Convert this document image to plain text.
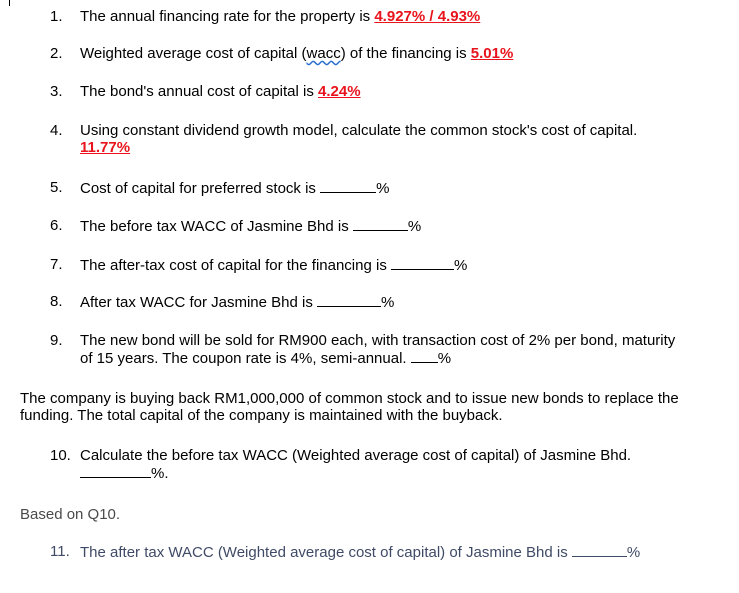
1. The annual financing rate for the property is 4.927% / 4.93%
2. Weighted average cost of capital (wacc) of the financing is 5.01%
3. The bond's annual cost of capital is 4.24%
4. Using constant dividend growth model, calculate the common stock's cost of capital.
11.77%
5. Cost of capital for preferred stock is	%
6. The before tax WACC of Jasmine Bhd is	%
7. The after-tax cost of capital for the financing is	%
8. After tax WACC for Jasmine Bhd is	%
9. The new bond will be sold for RM900 each, with transaction cost of 2% per bond, maturity of 15 years. The coupon rate is 4%, semi-annual. %
The company is buying back RM1,000,000 of common stock and to issue new bonds to replace the funding. The total capital of the company is maintained with the buyback.
10. Calculate the before tax WACC (Weighted average cost of capital) of Jasmine Bhd.%.
Based on Q10.
11. The after tax WACC (Weighted average cost of capital) of Jasmine Bhd is	%
